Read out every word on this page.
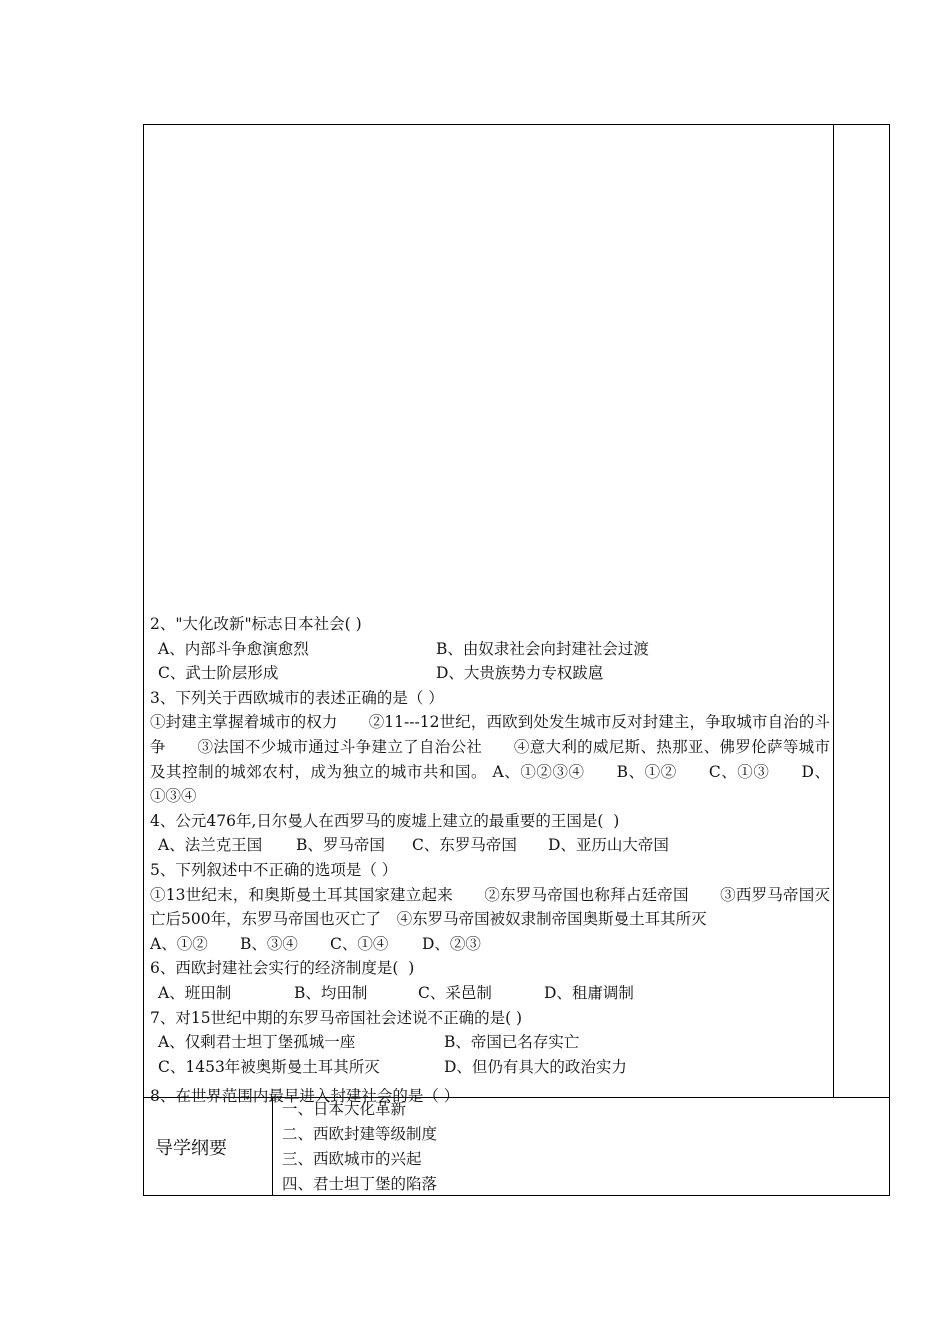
2、"大化改新"标志日本社会( )
A、内部斗争愈演愈烈	B、由奴隶社会向封建社会过渡
C、武士阶层形成	D、大贵族势力专权跋扈
3、下列关于西欧城市的表述正确的是（ ）
①封建主掌握着城市的权力　　②11---12世纪，西欧到处发生城市反对封建主，争取城市自治的斗争　　③法国不少城市通过斗争建立了自治公社　　④意大利的威尼斯、热那亚、佛罗伦萨等城市及其控制的城郊农村，成为独立的城市共和国。 A、①②③④　　B、①②　　C、①③　　D、①③④
4、公元476年,日尔曼人在西罗马的废墟上建立的最重要的王国是(  )
A、法兰克王国 B、罗马帝国 C、东罗马帝国 D、亚历山大帝国
5、下列叙述中不正确的选项是（ ）
①13世纪末，和奥斯曼土耳其国家建立起来　　②东罗马帝国也称拜占廷帝国　　③西罗马帝国灭亡后500年，东罗马帝国也灭亡了　④东罗马帝国被奴隶制帝国奥斯曼土耳其所灭
A、①② B、③④ C、①④ D、②③
6、西欧封建社会实行的经济制度是(  )
A、班田制	B、均田制	C、采邑制	D、租庸调制
7、对15世纪中期的东罗马帝国社会述说不正确的是( )
A、仅剩君士坦丁堡孤城一座	B、帝国已名存实亡
C、1453年被奥斯曼土耳其所灭	D、但仍有具大的政治实力
8、在世界范围内最早进入封建社会的是（ ）
导学纲要
一、日本大化革新
二、西欧封建等级制度
三、西欧城市的兴起
四、君士坦丁堡的陷落
